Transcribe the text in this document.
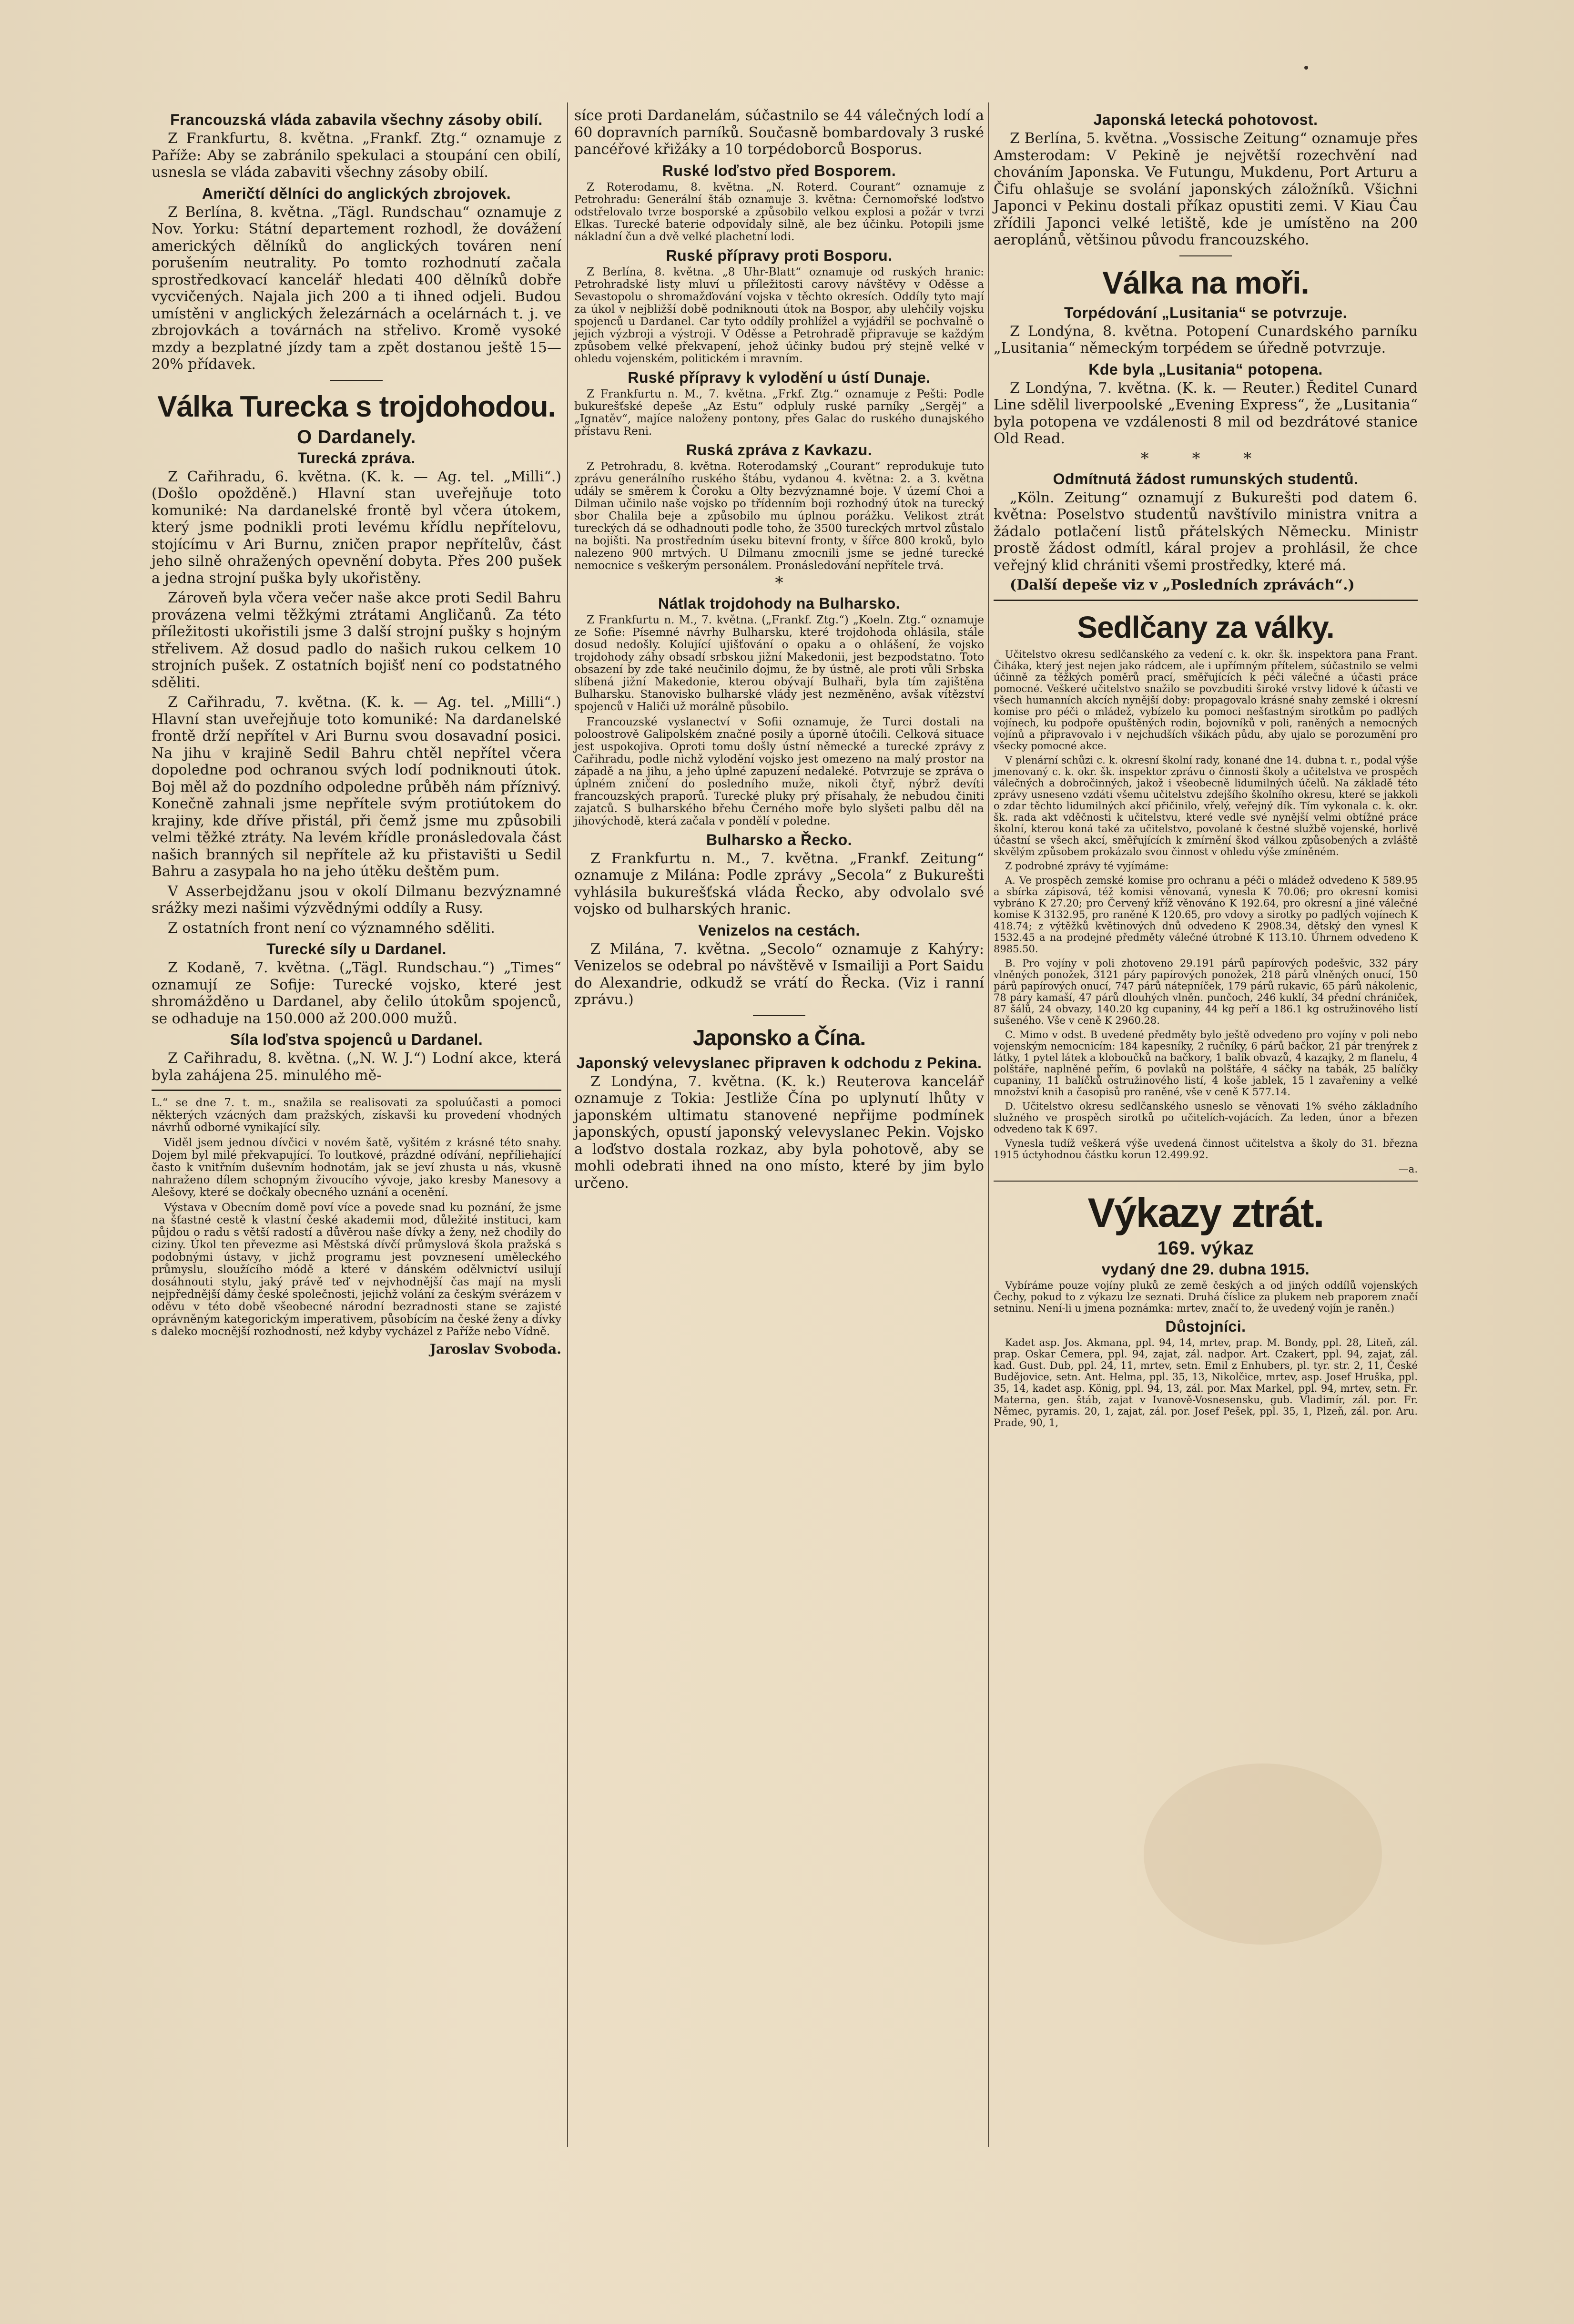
Francouzská vláda zabavila všechny zásoby obilí.

Z Frankfurtu, 8. května. „Frankf. Ztg.“ oznamuje z Paříže: Aby se zabránilo spekulaci a stoupání cen obilí, usnesla se vláda zabaviti všechny zásoby obilí.

Američtí dělníci do anglických zbrojovek.

Z Berlína, 8. května. „Tägl. Rundschau“ oznamuje z Nov. Yorku: Státní departement rozhodl, že dovážení amerických dělníků do anglických továren není porušením neutrality. Po tomto rozhodnutí začala sprostředkovací kancelář hledati 400 dělníků dobře vycvičených. Najala jich 200 a ti ihned odjeli. Budou umístěni v anglických železárnách a ocelárnách t. j. ve zbrojovkách a továrnách na střelivo. Kromě vysoké mzdy a bezplatné jízdy tam a zpět dostanou ještě 15—20% přídavek.

Válka Turecka s trojdohodou.
O Dardanely.
Turecká zpráva.

Z Cařihradu, 6. května. (K. k. — Ag. tel. „Milli“.) (Došlo opožděně.) Hlavní stan uveřejňuje toto komuniké: Na dardanelské frontě byl včera útokem, který jsme podnikli proti levému křídlu nepřítelovu, stojícímu v Ari Burnu, zničen prapor nepřítelův, část jeho silně ohražených opevnění dobyta. Přes 200 pušek a jedna strojní puška byly ukořistěny.

Zároveň byla včera večer naše akce proti Sedil Bahru provázena velmi těžkými ztrátami Angličanů. Za této příležitosti ukořistili jsme 3 další strojní pušky s hojným střelivem. Až dosud padlo do našich rukou celkem 10 strojních pušek. Z ostatních bojišť není co podstatného sděliti.

Z Cařihradu, 7. května. (K. k. — Ag. tel. „Milli“.) Hlavní stan uveřejňuje toto komuniké: Na dardanelské frontě drží nepřítel v Ari Burnu svou dosavadní posici. Na jihu v krajině Sedil Bahru chtěl nepřítel včera dopoledne pod ochranou svých lodí podniknouti útok. Boj měl až do pozdního odpoledne průběh nám příznivý. Konečně zahnali jsme nepřítele svým protiútokem do krajiny, kde dříve přistál, při čemž jsme mu způsobili velmi těžké ztráty. Na levém křídle pronásledovala část našich branných sil nepřítele až ku přistavišti u Sedil Bahru a zasypala ho na jeho útěku deštěm pum.

V Asserbejdžanu jsou v okolí Dilmanu bezvýznamné srážky mezi našimi výzvědnými oddíly a Rusy.

Z ostatních front není co významného sděliti.

Turecké síly u Dardanel.

Z Kodaně, 7. května. („Tägl. Rundschau.“) „Times“ oznamují ze Sofije: Turecké vojsko, které jest shromážděno u Dardanel, aby čelilo útokům spojenců, se odhaduje na 150.000 až 200.000 mužů.

Síla loďstva spojenců u Dardanel.

Z Cařihradu, 8. května. („N. W. J.“) Lodní akce, která byla zahájena 25. minulého mě-

L.“ se dne 7. t. m., snažila se realisovati za spoluúčasti a pomoci některých vzácných dam pražských, získavši ku provedení vhodných návrhů odborné vynikající síly.

Viděl jsem jednou dívčici v novém šatě, vyšitém z krásné této snahy. Dojem byl milé překvapující. To loutkové, prázdné odívání, nepříliehající často k vnitřním duševním hodnotám, jak se jeví zhusta u nás, vkusně nahraženo dílem schopným živoucího vývoje, jako kresby Manesovy a Alešovy, které se dočkaly obecného uznání a ocenění.

Výstava v Obecním domě poví více a povede snad ku poznání, že jsme na šťastné cestě k vlastní české akademii mod, důležité instituci, kam půjdou o radu s větší radostí a důvěrou naše dívky a ženy, než chodily do ciziny. Úkol ten převezme asi Městská dívčí průmyslová škola pražská s podobnými ústavy, v jichž programu jest povznesení uměleckého průmyslu, sloužícího módě a které v dánském odělvnictví usilují dosáhnouti stylu, jaký právě teď v nejvhodnější čas mají na mysli nejpřednější dámy české společnosti, jejichž volání za českým svérázem v oděvu v této době všeobecné národní bezradnosti stane se zajisté oprávněným kategorickým imperativem, působícím na české ženy a dívky s daleko mocnější rozhodností, než kdyby vycházel z Paříže nebo Vídně.

Jaroslav Svoboda.

síce proti Dardanelám, súčastnilo se 44 válečných lodí a 60 dopravních parníků. Současně bombardovaly 3 ruské pancéřové křižáky a 10 torpédoborců Bosporus.

Ruské loďstvo před Bosporem.

Z Roterodamu, 8. května. „N. Roterd. Courant“ oznamuje z Petrohradu: Generální štáb oznamuje 3. května: Černomořské loďstvo odstřelovalo tvrze bosporské a způsobilo velkou explosi a požár v tvrzi Elkas. Turecké baterie odpovídaly silně, ale bez účinku. Potopili jsme nákladní čun a dvě velké plachetní lodi.

Ruské přípravy proti Bosporu.

Z Berlína, 8. května. „8 Uhr-Blatt“ oznamuje od ruských hranic: Petrohradské listy mluví u příležitosti carovy návštěvy v Oděsse a Sevastopolu o shromažďování vojska v těchto okresích. Oddíly tyto mají za úkol v nejbližší době podniknouti útok na Bospor, aby ulehčily vojsku spojenců u Dardanel. Car tyto oddíly prohlížel a vyjádřil se pochvalně o jejich výzbroji a výstroji. V Oděsse a Petrohradě připravuje se každým způsobem velké překvapení, jehož účinky budou prý stejně velké v ohledu vojenském, politickém i mravním.

Ruské přípravy k vylodění u ústí Dunaje.

Z Frankfurtu n. M., 7. května. „Frkf. Ztg.“ oznamuje z Pešti: Podle bukurešťské depeše „Az Estu“ odpluly ruské parníky „Sergěj“ a „Ignatěv“, majíce naloženy pontony, přes Galac do ruského dunajského přístavu Reni.

Ruská zpráva z Kavkazu.

Z Petrohradu, 8. května. Roterodamský „Courant“ reprodukuje tuto zprávu generálního ruského štábu, vydanou 4. května: 2. a 3. května udály se směrem k Čoroku a Olty bezvýznamné boje. V území Choi a Dilman učinilo naše vojsko po třídenním boji rozhodný útok na turecký sbor Chalila beje a způsobilo mu úplnou porážku. Velikost ztrát tureckých dá se odhadnouti podle toho, že 3500 tureckých mrtvol zůstalo na bojišti. Na prostředním úseku bitevní fronty, v šířce 800 kroků, bylo nalezeno 900 mrtvých. U Dilmanu zmocnili jsme se jedné turecké nemocnice s veškerým personálem. Pronásledování nepřítele trvá.

*
Nátlak trojdohody na Bulharsko.

Z Frankfurtu n. M., 7. května. („Frankf. Ztg.“) „Koeln. Ztg.“ oznamuje ze Sofie: Písemné návrhy Bulharsku, které trojdohoda ohlásila, stále dosud nedošly. Kolující ujišťování o opaku a o ohlášení, že vojsko trojdohody záhy obsadí srbskou jižní Makedonii, jest bezpodstatno. Toto obsazení by zde také neučinilo dojmu, že by ústně, ale proti vůli Srbska slíbená jižní Makedonie, kterou obývají Bulhaři, byla tím zajištěna Bulharsku. Stanovisko bulharské vlády jest nezměněno, avšak vítězství spojenců v Haliči už morálně působilo.

Francouzské vyslanectví v Sofii oznamuje, že Turci dostali na poloostrově Galipolském značné posily a úporně útočili. Celková situace jest uspokojiva. Oproti tomu došly ústní německé a turecké zprávy z Cařihradu, podle nichž vylodění vojsko jest omezeno na malý prostor na západě a na jihu, a jeho úplné zapuzení nedaleké. Potvrzuje se zpráva o úplném zničení do posledního muže, nikoli čtyř, nýbrž devíti francouzských praporů. Turecké pluky prý přísahaly, že nebudou činiti zajatců. S bulharského břehu Černého moře bylo slyšeti palbu děl na jihovýchodě, která začala v pondělí v poledne.

Bulharsko a Řecko.

Z Frankfurtu n. M., 7. května. „Frankf. Zeitung“ oznamuje z Milána: Podle zprávy „Secola“ z Bukurešti vyhlásila bukurešťská vláda Řecko, aby odvolalo své vojsko od bulharských hranic.

Venizelos na cestách.

Z Milána, 7. května. „Secolo“ oznamuje z Kahýry: Venizelos se odebral po návštěvě v Ismailiji a Port Saidu do Alexandrie, odkudž se vrátí do Řecka. (Viz i ranní zprávu.)

Japonsko a Čína.
Japonský velevyslanec připraven k odchodu z Pekina.

Z Londýna, 7. května. (K. k.) Reuterova kancelář oznamuje z Tokia: Jestliže Čína po uplynutí lhůty v japonském ultimatu stanovené nepřijme podmínek japonských, opustí japonský velevyslanec Pekin. Vojsko a loďstvo dostala rozkaz, aby byla pohotově, aby se mohli odebrati ihned na ono místo, které by jim bylo určeno.

Japonská letecká pohotovost.

Z Berlína, 5. května. „Vossische Zeitung“ oznamuje přes Amsterodam: V Pekině je největší rozechvění nad chováním Japonska. Ve Futungu, Mukdenu, Port Arturu a Čifu ohlašuje se svolání japonských záložníků. Všichni Japonci v Pekinu dostali příkaz opustiti zemi. V Kiau Čau zřídili Japonci velké letiště, kde je umístěno na 200 aeroplánů, většinou původu francouzského.

Válka na moři.
Torpédování „Lusitania“ se potvrzuje.

Z Londýna, 8. května. Potopení Cunardského parníku „Lusitania“ německým torpédem se úředně potvrzuje.

Kde byla „Lusitania“ potopena.

Z Londýna, 7. května. (K. k. — Reuter.) Ředitel Cunard Line sdělil liverpoolské „Evening Express“, že „Lusitania“ byla potopena ve vzdálenosti 8 mil od bezdrátové stanice Old Read.

* * *
Odmítnutá žádost rumunských studentů.

„Köln. Zeitung“ oznamují z Bukurešti pod datem 6. května: Poselstvo studentů navštívilo ministra vnitra a žádalo potlačení listů přátelských Německu. Ministr prostě žádost odmítl, káral projev a prohlásil, že chce veřejný klid chrániti všemi prostředky, které má.

(Další depeše viz v „Posledních zprávách“.)

Sedlčany za války.

Učitelstvo okresu sedlčanského za vedení c. k. okr. šk. inspektora pana Frant. Čiháka, který jest nejen jako rádcem, ale i upřímným přítelem, súčastnilo se velmi účinně za těžkých poměrů prací, směřujících k péči válečné a účasti práce pomocné. Veškeré učitelstvo snažilo se povzbuditi široké vrstvy lidové k účasti ve všech humanních akcích nynější doby: propagovalo krásné snahy zemské i okresní komise pro péči o mládež, vybízelo ku pomoci nešťastným sirotkům po padlých vojínech, ku podpoře opuštěných rodin, bojovníků v poli, raněných a nemocných vojínů a připravovalo i v nejchudších všikách půdu, aby ujalo se porozumění pro všecky pomocné akce.

V plenární schůzi c. k. okresní školní rady, konané dne 14. dubna t. r., podal výše jmenovaný c. k. okr. šk. inspektor zprávu o činnosti školy a učitelstva ve prospěch válečných a dobročinných, jakož i všeobecně lidumilných účelů. Na základě této zprávy usneseno vzdáti všemu učitelstvu zdejšího školního okresu, které se jakkoli o zdar těchto lidumilných akcí přičinilo, vřelý, veřejný dík. Tím vykonala c. k. okr. šk. rada akt vděčnosti k učitelstvu, které vedle své nynější velmi obtížné práce školní, kterou koná také za učitelstvo, povolané k čestné službě vojenské, horlivě účastní se všech akcí, směřujících k zmírnění škod válkou způsobených a zvláště skvělým způsobem prokázalo svou činnost v ohledu výše zmíněném.

Z podrobné zprávy té vyjímáme:

A. Ve prospěch zemské komise pro ochranu a péči o mládež odvedeno K 589.95 a sbírka zápisová, též komisi věnovaná, vynesla K 70.06; pro okresní komisi vybráno K 27.20; pro Červený kříž věnováno K 192.64, pro okresní a jiné válečné komise K 3132.95, pro raněné K 120.65, pro vdovy a sirotky po padlých vojínech K 418.74; z výtěžků květinových dnů odvedeno K 2908.34, dětský den vynesl K 1532.45 a na prodejné předměty válečné útrobné K 113.10. Úhrnem odvedeno K 8985.50.

B. Pro vojíny v poli zhotoveno 29.191 párů papírových podešvic, 332 páry vlněných ponožek, 3121 páry papírových ponožek, 218 párů vlněných onucí, 150 párů papírových onucí, 747 párů nátepníček, 179 párů rukavic, 65 párů nákolenic, 78 páry kamaší, 47 párů dlouhých vlněn. punčoch, 246 kuklí, 34 přední chrániček, 87 šálů, 24 obvazy, 140.20 kg cupaniny, 44 kg peří a 186.1 kg ostružinového listí sušeného. Vše v ceně K 2960.28.

C. Mimo v odst. B uvedené předměty bylo ještě odvedeno pro vojíny v poli nebo vojenským nemocnicím: 184 kapesníky, 2 ručníky, 6 párů bačkor, 21 pár trenýrek z látky, 1 pytel látek a kloboučků na bačkory, 1 balík obvazů, 4 kazajky, 2 m flanelu, 4 polštáře, naplněné peřím, 6 povlaků na polštáře, 4 sáčky na tabák, 25 balíčky cupaniny, 11 balíčků ostružinového listí, 4 koše jablek, 15 l zavařeniny a velké množství knih a časopisů pro raněné, vše v ceně K 577.14.

D. Učitelstvo okresu sedlčanského usneslo se věnovati 1% svého základního služného ve prospěch sirotků po učitelích-vojácích. Za leden, únor a březen odvedeno tak K 697.

Vynesla tudíž veškerá výše uvedená činnost učitelstva a školy do 31. března 1915 úctyhodnou částku korun 12.499.92.

—a.

Výkazy ztrát.
169. výkaz
vydaný dne 29. dubna 1915.

Vybíráme pouze vojíny pluků ze země českých a od jiných oddílů vojenských Čechy, pokud to z výkazu lze seznati. Druhá číslice za plukem neb praporem značí setninu. Není-li u jmena poznámka: mrtev, značí to, že uvedený vojín je raněn.)

Důstojníci.

Kadet asp. Jos. Akmana, ppl. 94, 14, mrtev, prap. M. Bondy, ppl. 28, Liteň, zál. prap. Oskar Čemera, ppl. 94, zajat, zál. nadpor. Art. Czakert, ppl. 94, zajat, zál. kad. Gust. Dub, ppl. 24, 11, mrtev, setn. Emil z Enhubers, pl. tyr. str. 2, 11, České Budějovice, setn. Ant. Helma, ppl. 35, 13, Nikolčice, mrtev, asp. Josef Hruška, ppl. 35, 14, kadet asp. König, ppl. 94, 13, zál. por. Max Markel, ppl. 94, mrtev, setn. Fr. Materna, gen. štáb, zajat v Ivanově-Vosnesensku, gub. Vladimír, zál. por. Fr. Němec, pyramis. 20, 1, zajat, zál. por. Josef Pešek, ppl. 35, 1, Plzeň, zál. por. Aru. Prade, 90, 1,
